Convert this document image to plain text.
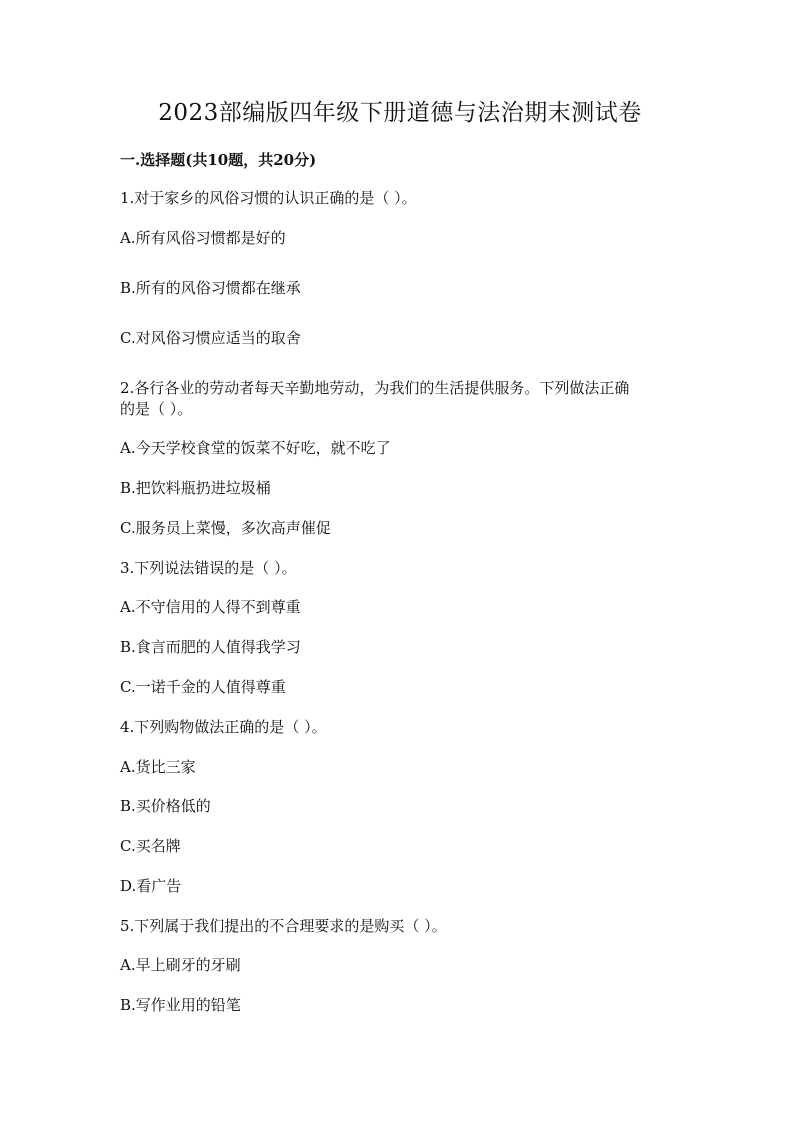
2023部编版四年级下册道德与法治期末测试卷
一.选择题(共10题，共20分)
1.对于家乡的风俗习惯的认识正确的是（ ）。
A.所有风俗习惯都是好的
B.所有的风俗习惯都在继承
C.对风俗习惯应适当的取舍
2.各行各业的劳动者每天辛勤地劳动，为我们的生活提供服务。下列做法正确
的是（ ）。
A.今天学校食堂的饭菜不好吃，就不吃了
B.把饮料瓶扔进垃圾桶
C.服务员上菜慢，多次高声催促
3.下列说法错误的是（ ）。
A.不守信用的人得不到尊重
B.食言而肥的人值得我学习
C.一诺千金的人值得尊重
4.下列购物做法正确的是（ ）。
A.货比三家
B.买价格低的
C.买名牌
D.看广告
5.下列属于我们提出的不合理要求的是购买（ ）。
A.早上刷牙的牙刷
B.写作业用的铅笔
